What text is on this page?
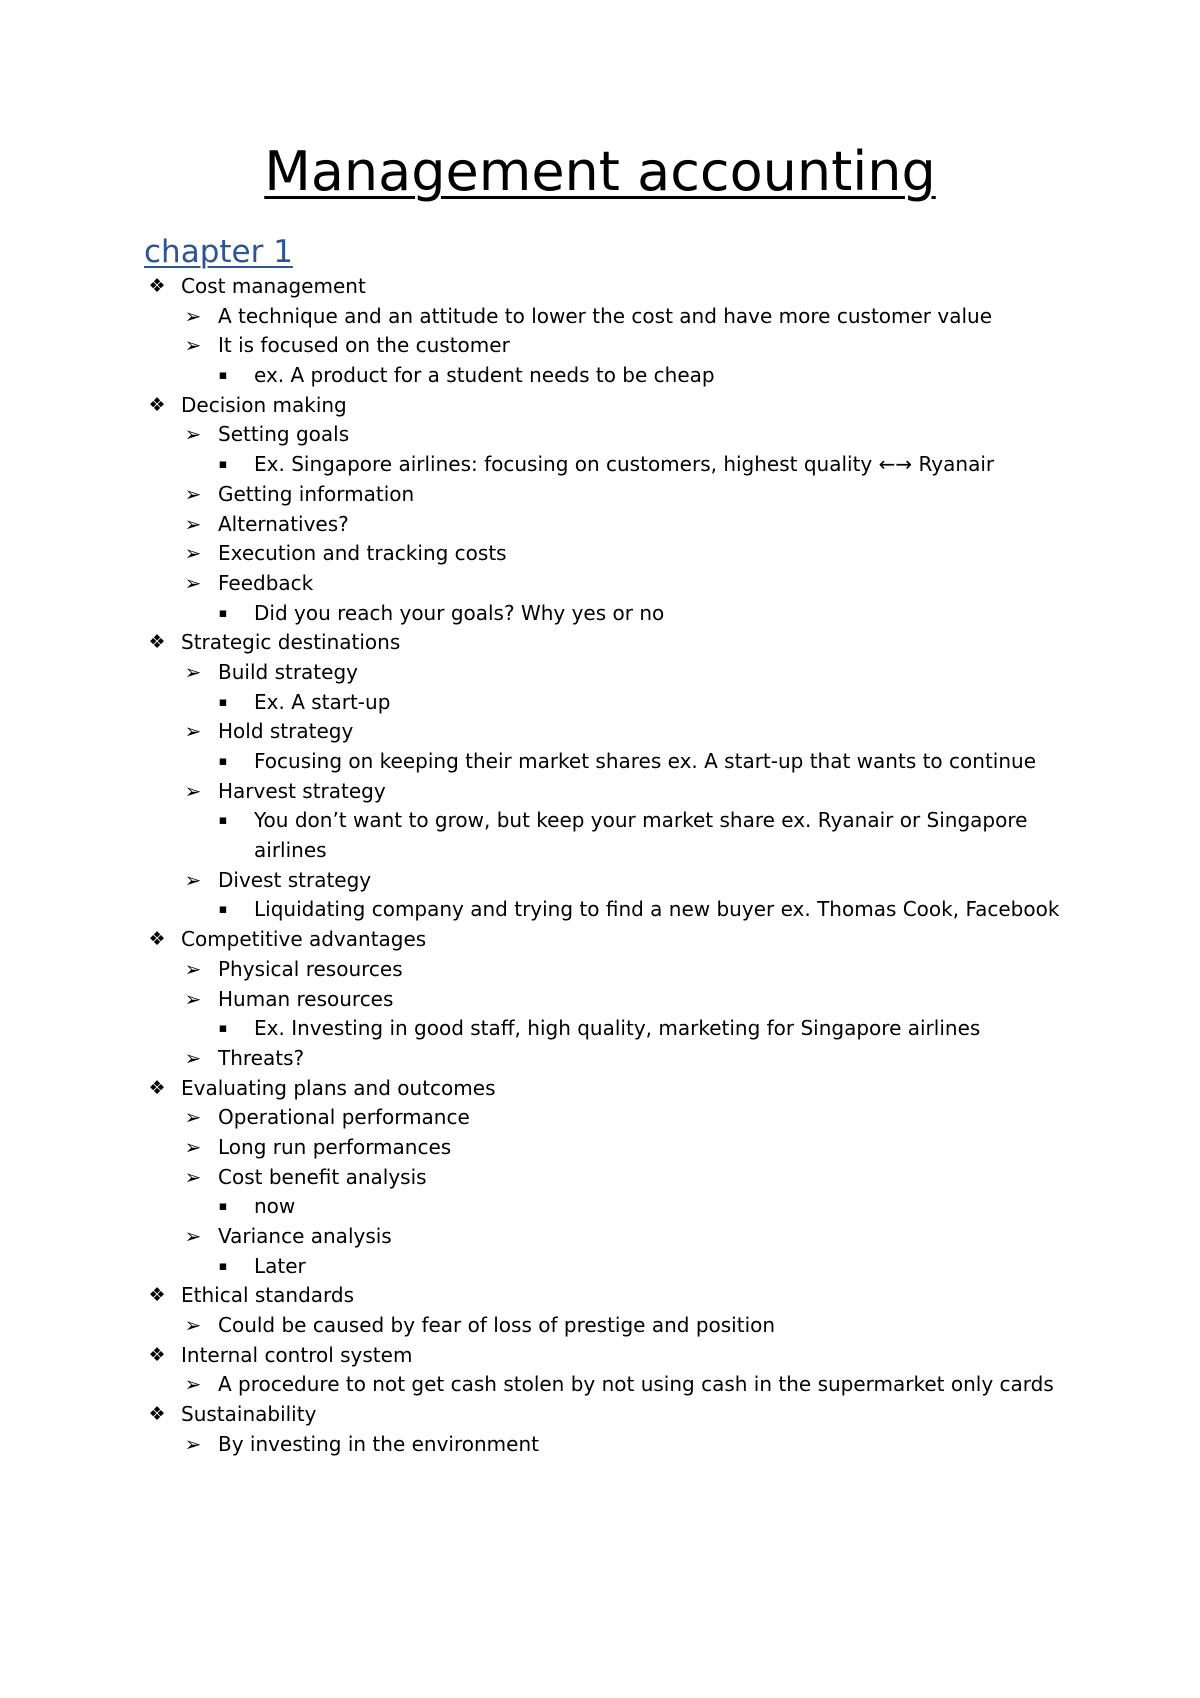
Management accounting
chapter 1
❖ Cost management
➢ A technique and an attitude to lower the cost and have more customer value
➢ It is focused on the customer
▪	ex. A product for a student needs to be cheap
❖ Decision making
➢ Setting goals
▪	Ex. Singapore airlines: focusing on customers, highest quality ←→ Ryanair
➢ Getting information
➢ Alternatives?
➢ Execution and tracking costs
➢ Feedback
▪	Did you reach your goals? Why yes or no
❖ Strategic destinations
➢ Build strategy
▪	Ex. A start-up
➢ Hold strategy
▪	Focusing on keeping their market shares ex. A start-up that wants to continue
➢ Harvest strategy
▪	You don’t want to grow, but keep your market share ex. Ryanair or Singapore
airlines
➢ Divest strategy
▪	Liquidating company and trying to find a new buyer ex. Thomas Cook, Facebook
❖ Competitive advantages
➢ Physical resources
➢ Human resources
▪	Ex. Investing in good staff, high quality, marketing for Singapore airlines
➢ Threats?
❖ Evaluating plans and outcomes
➢ Operational performance
➢ Long run performances
➢ Cost benefit analysis
▪	now
➢ Variance analysis
▪	Later
❖ Ethical standards
➢ Could be caused by fear of loss of prestige and position
❖ Internal control system
➢ A procedure to not get cash stolen by not using cash in the supermarket only cards
❖ Sustainability
➢ By investing in the environment
